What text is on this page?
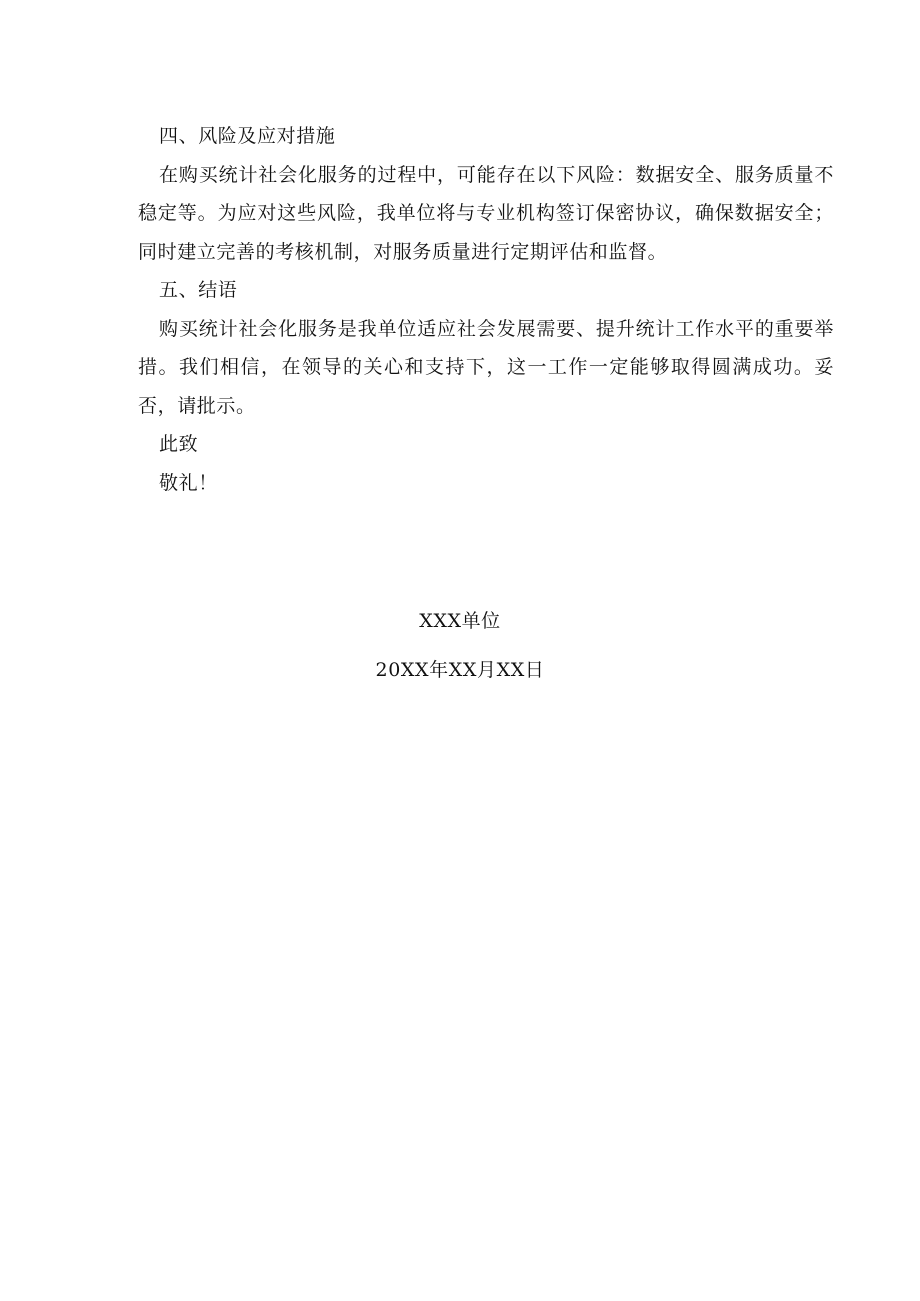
四、风险及应对措施

在购买统计社会化服务的过程中，可能存在以下风险：数据安全、服务质量不稳定等。为应对这些风险，我单位将与专业机构签订保密协议，确保数据安全；同时建立完善的考核机制，对服务质量进行定期评估和监督。

五、结语

购买统计社会化服务是我单位适应社会发展需要、提升统计工作水平的重要举措。我们相信，在领导的关心和支持下，这一工作一定能够取得圆满成功。妥否，请批示。

此致

敬礼！

XXX单位
20XX年XX月XX日
